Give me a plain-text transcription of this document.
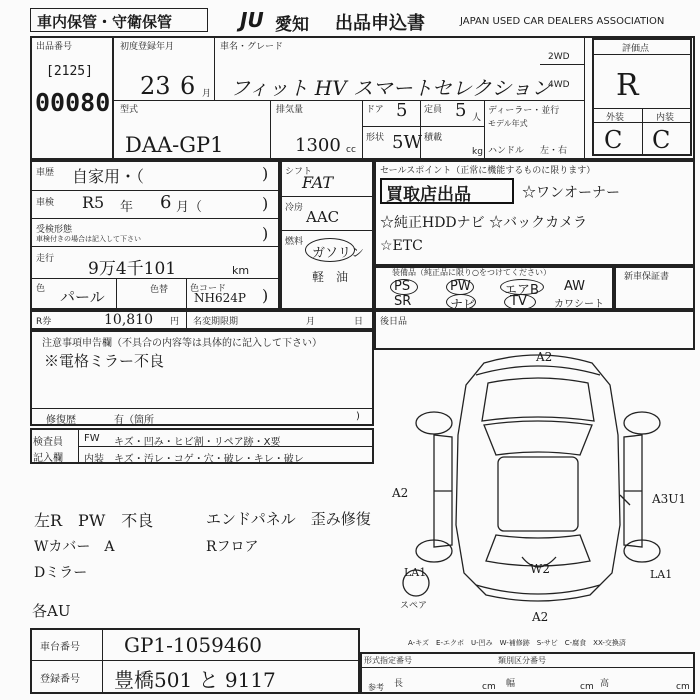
車内保管・守衛保管	JU 愛知 出品申込書	JAPAN USED CAR DEALERS ASSOCIATION
出品番号
[2125]
00080
初度登録年月
23 6 月
車名・グレード
フィット HV スマートセレクション
型式
DAA-GP1
排気量
1300 cc
ドア 5 定員 5 人
形状 5W 積載
kg
ディーラー・並行
モデル年式
ハンドル 左・右
2WD
4WD
評価点
R
外装	内装
C C
車歴 自家用・（	)
車検 R5 年 6 月（	)
受検形態
車検付きの場合は記入して下さい	)
走行 9万4千101	km
色 パール	色替 色コード
NH624P )
シフト
FAT
冷房 AAC
燃料
ガソリン
軽　油
セールスポイント（正常に機能するものに限ります）
買取店出品	☆ワンオーナー
☆純正HDDナビ ☆バックカメラ
☆ETC
装備品（純正品に限り○をつけてください）
PS	PW	エアB AW
SR	ナビ	TV	カワシート
新車保証書
R券	10,810 円 名変期限期	月	日 後日品
注意事項申告欄（不具合の内容等は具体的に記入して下さい）
※電格ミラー不良
修復歴	有（箇所	)
検査員
記入欄
FW キズ・凹み・ヒビ割・リペア跡・X要
内装 キズ・汚レ・コゲ・穴・破レ・キレ・破レ
左R　PW　不良
Wカバー　A
Dミラー
エンドパネル　歪み修復
Rフロア
各AU
A2
A2	A3U1
W2
A2
LA1	LA1
スペア
A-キズ　E-エクボ　U-凹み　W-補修跡　S-サビ　C-腐食　XX-交換済
車台番号 GP1-1059460
登録番号 豊橋501 と 9117
形式指定番号	類別区分番号
長	cm 幅	cm 高	cm
参考
